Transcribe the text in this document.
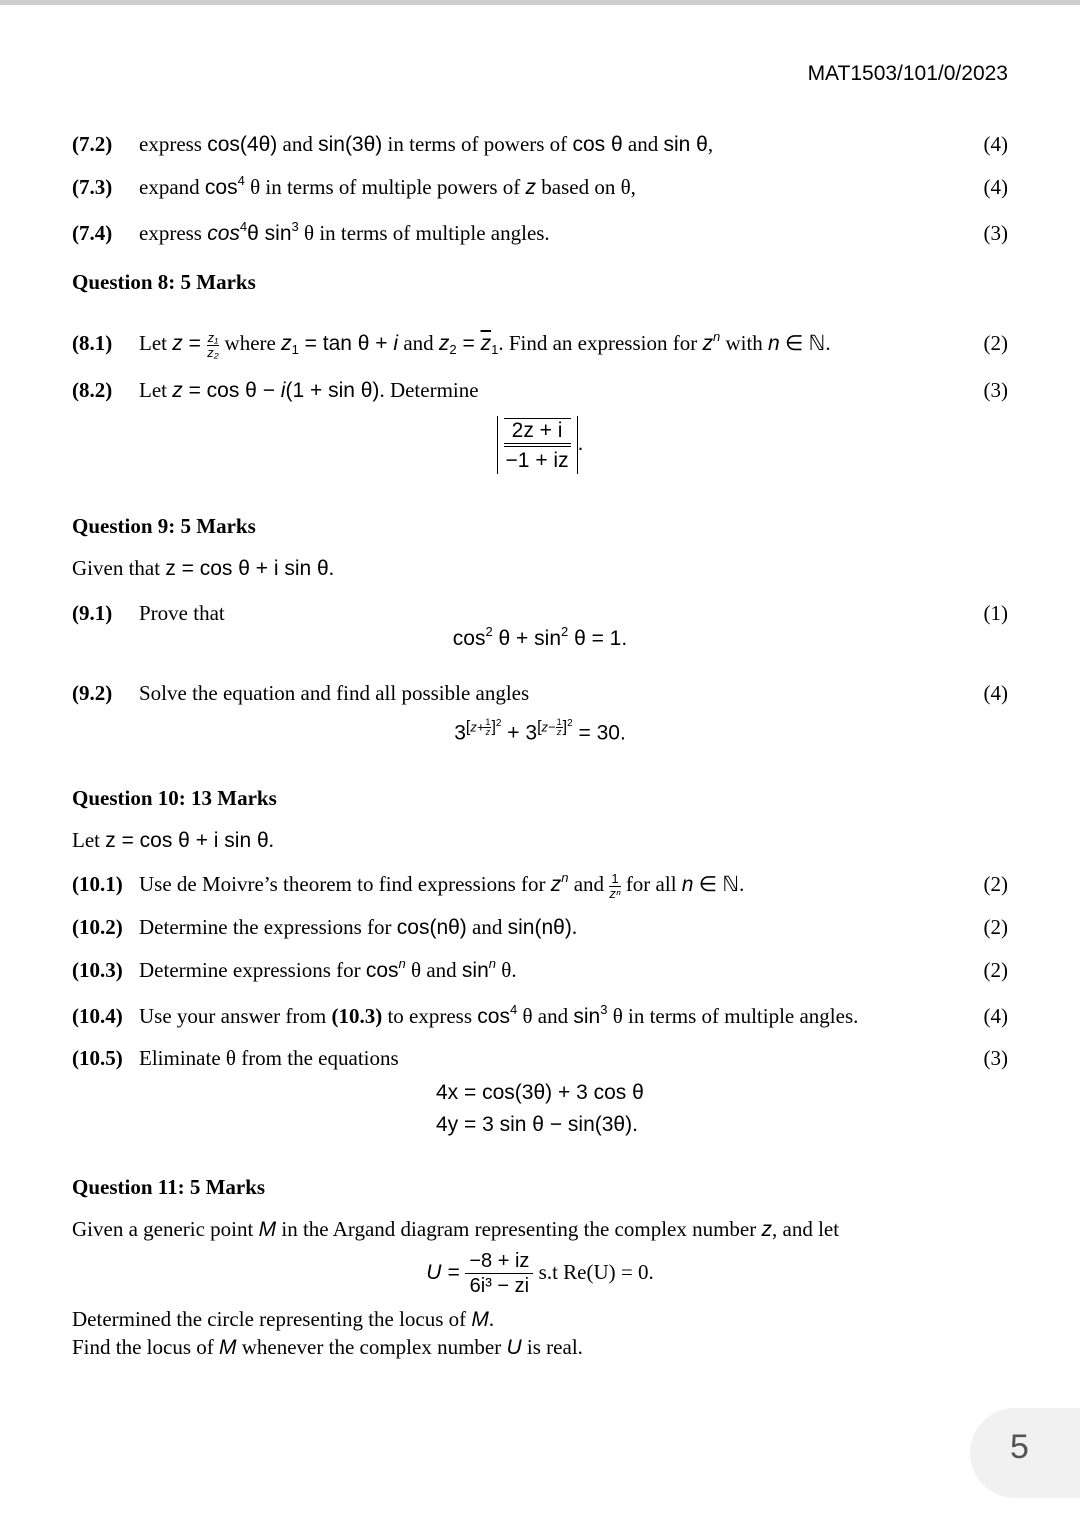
MAT1503/101/0/2023
(7.2) express cos(4θ) and sin(3θ) in terms of powers of cos θ and sin θ,	(4)
(7.3) expand $\cos^4 \theta$ in terms of multiple powers of z based on θ,	(4)
(7.4) express $\cos^4\theta$ $\sin^3 \theta$ in terms of multiple angles.	(3)
Question 8: 5 Marks
(8.1) Let $z = \frac{\text{z₁}}{\text{z₂}}$ where $z_1 = \tan \theta + i$ and $z_2 = \overline{z}_1$. Find an expression for $z^n$ with n ∈ ℕ.	(2)
(8.2) Let z = cos θ − i(1 + sin θ). Determine	(3)
$\frac{2z + i}{-1 + iz}$ .
Question 9: 5 Marks
Given that z = cos θ + i sin θ.
(9.1) Prove that	(1)
$\cos^2 \theta + \sin^2 \theta = 1$.
(9.2) Solve the equation and find all possible angles	(4)
$3[z+ \frac{1}{z} ]^2 + 3[z- \frac{1}{z} ]^2 = 30$.
Question 10: 13 Marks
Let z = cos θ + i sin θ.
(10.1) Use de Moivre’s theorem to find expressions for $z^n$ and $\frac{1}{\text{zⁿ}}$ for all n ∈ ℕ.	(2)
(10.2) Determine the expressions for cos(nθ) and sin(nθ).	(2)
(10.3) Determine expressions for $\cos^n \theta$ and $\sin^n \theta$.	(2)
(10.4) Use your answer from (10.3) to express $\cos^4 \theta$ and $\sin^3 \theta$ in terms of multiple angles.	(4)
(10.5) Eliminate θ from the equations	(3)
4x = cos(3θ) + 3 cos θ
4y = 3 sin θ − sin(3θ).
Question 11: 5 Marks
Given a generic point M in the Argand diagram representing the complex number z, and let
$U = \frac{-8 + iz}{\text{6i³ − zi}} s.t$ Re(U) = 0.
Determined the circle representing the locus of M.
Find the locus of M whenever the complex number U is real.
5
